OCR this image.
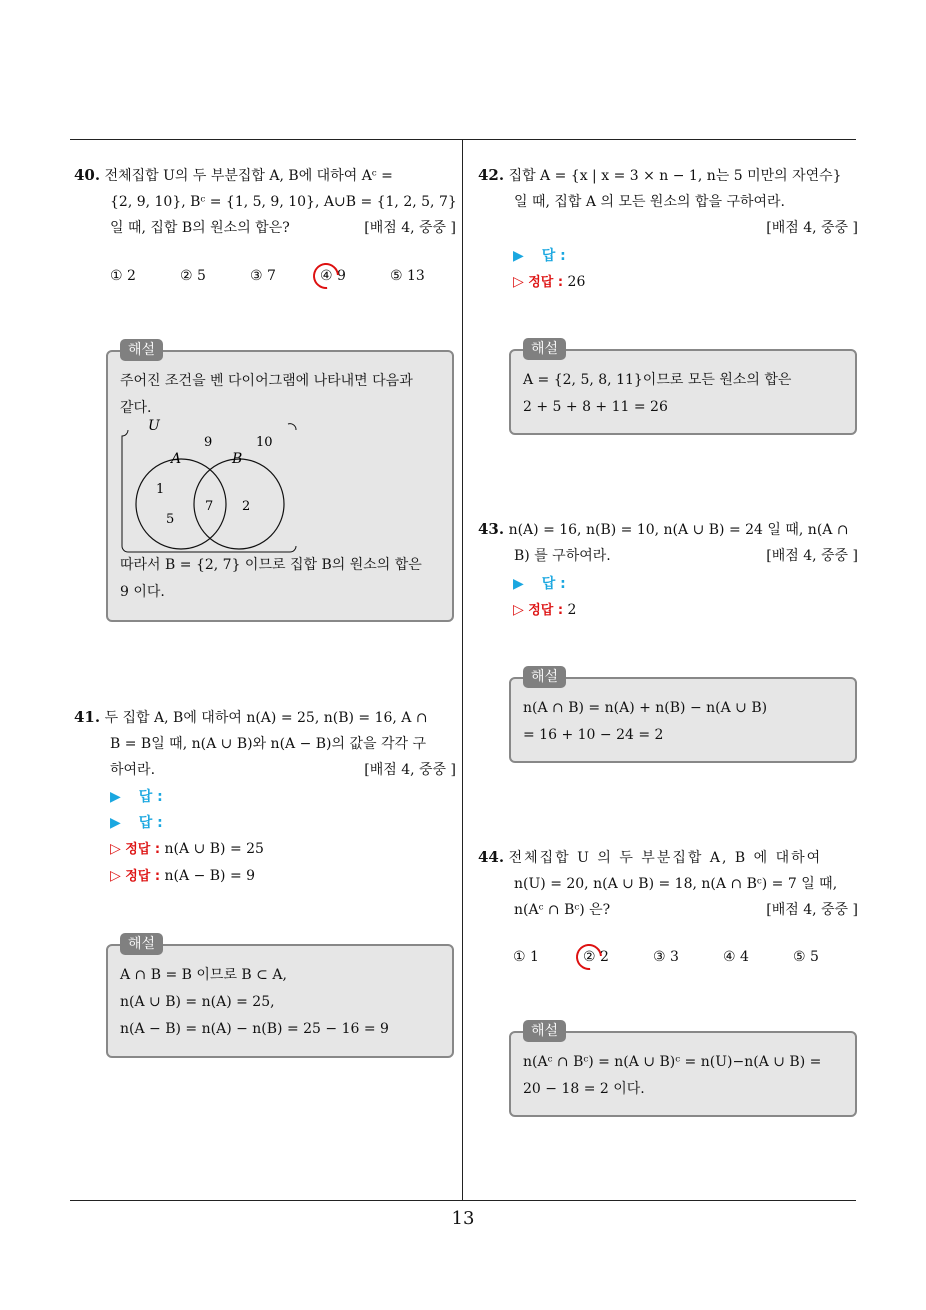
40. 전체집합 U의 두 부분집합 A, B에 대하여 Aᶜ =
{2, 9, 10}, Bᶜ = {1, 5, 9, 10}, A∪B = {1, 2, 5, 7}
일 때, 집합 B의 원소의 합은?	[배점 4, 중중 ]
① 2	② 5	③ 7	④ 9	⑤ 13
해설
주어진 조건을 벤 다이어그램에 나타내면 다음과
같다.
U
9	10
A	B
1
5
7 2
따라서 B = {2, 7} 이므로 집합 B의 원소의 합은
9 이다.
41. 두 집합 A, B에 대하여 n(A) = 25, n(B) = 16, A ∩
B = B일 때, n(A ∪ B)와 n(A − B)의 값을 각각 구
하여라.	[배점 4, 중중 ]
▶ 답 :
▶ 답 :
▷ 정답 : n(A ∪ B) = 25
▷ 정답 : n(A − B) = 9
해설
A ∩ B = B 이므로 B ⊂ A,
n(A ∪ B) = n(A) = 25,
n(A − B) = n(A) − n(B) = 25 − 16 = 9
42. 집합 A = {x | x = 3 × n − 1, n는 5 미만의 자연수}
일 때, 집합 A 의 모든 원소의 합을 구하여라.
[배점 4, 중중 ]
▶ 답 :
▷ 정답 : 26
해설
A = {2, 5, 8, 11}이므로 모든 원소의 합은
2 + 5 + 8 + 11 = 26
43. n(A) = 16, n(B) = 10, n(A ∪ B) = 24 일 때, n(A ∩
B) 를 구하여라.	[배점 4, 중중 ]
▶ 답 :
▷ 정답 : 2
해설
n(A ∩ B) = n(A) + n(B) − n(A ∪ B)
= 16 + 10 − 24 = 2
44. 전체집합 U 의 두 부분집합 A, B 에 대하여
n(U) = 20, n(A ∪ B) = 18, n(A ∩ Bᶜ) = 7 일 때,
n(Aᶜ ∩ Bᶜ) 은?	[배점 4, 중중 ]
① 1	② 2	③ 3	④ 4	⑤ 5
해설
n(Aᶜ ∩ Bᶜ) = n(A ∪ B)ᶜ = n(U)−n(A ∪ B) =
20 − 18 = 2 이다.
13
